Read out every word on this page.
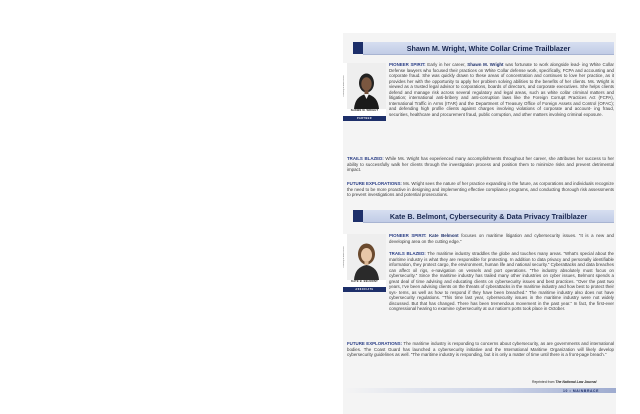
Shawn M. Wright, White Collar Crime Trailblazer
Courtesy of Blank Rome
SHAWN M. WRIGHT
PARTNER
PIONEER SPIRIT: Early in her career, Shawn M. Wright was fortunate to work alongside lead- ing White Collar Defense lawyers who focused their practices on White Collar defense work, specifically, FCPA and accounting and corporate fraud. She was quickly drawn to these areas of concentration and continues to love her practice, as it provides her with the opportunity to apply her problem solving abilities to the benefits of her clients. Ms. Wright is viewed as a trusted legal advisor to corporations, boards of directors, and corporate executives. She helps clients defend and manage risk across several regulatory and legal areas, such as white collar criminal matters and litigation; international anti-bribery and anti-corruption laws like the Foreign Corrupt Practices Act (FCPA), International Traffic in Arms (ITAR) and the Department of Treasury Office of Foreign Assets and Control (OFAC); and defending high profile clients against charges involving violations of corporate and account- ing fraud, securities, healthcare and procurement fraud, public corruption, and other matters involving criminal exposure.
TRAILS BLAZED: While Ms. Wright has experienced many accomplishments throughout her career, she attributes her success to her ability to successfully walk her clients through the investigation process and position them to minimize risks and prevent detrimental impact.
FUTURE EXPLORATIONS: Ms. Wright sees the nature of her practice expanding in the future, as corporations and individuals recognize the need to be more proactive in designing and implementing effective compliance programs, and conducting thorough risk assessments to prevent investigations and potential prosecutions.
Kate B. Belmont, Cybersecurity & Data Privacy Trailblazer
Courtesy of Blank Rome
KATE B. BELMONT
ASSOCIATE
PIONEER SPIRIT: Kate Belmont focuses on maritime litigation and cybersecurity issues. “It is a new and developing area on the cutting edge.”
TRAILS BLAZED: The maritime industry straddles the globe and touches many areas. “What’s special about the maritime industry is what they are responsible for protecting. In addition to data privacy and personally identifiable information, they protect cargo, the environment, human life and national security.” Cyberattacks and data breaches can affect oil rigs, e-navigation on vessels and port operations. “The industry absolutely must focus on cybersecurity.” Since the maritime industry has trailed many other industries on cyber issues, Belmont spends a great deal of time advising and educating clients on cybersecurity issues and best practices. “Over the past two years, I’ve been advising clients on the threats of cyberattacks in the maritime industry and how best to protect their sys- tems, as well as how to respond if they have been breached.” The maritime industry also does not have cybersecurity regulations. “This time last year, cybersecurity issues in the maritime industry were not widely discussed. But that has changed. There has been tremendous movement in the past year.” In fact, the first-ever congressional hearing to examine cybersecurity at our nation’s ports took place in October.
FUTURE EXPLORATIONS: The maritime industry is responding to concerns about cybersecurity, as are governments and international bodies. The Coast Guard has launched a cybersecurity initiative and the International Maritime Organization will likely develop cybersecurity guidelines as well. “The maritime industry is responding, but it is only a matter of time until there is a front-page breach.”
Reprinted from The National Law Journal
10 • MAINBRACE
